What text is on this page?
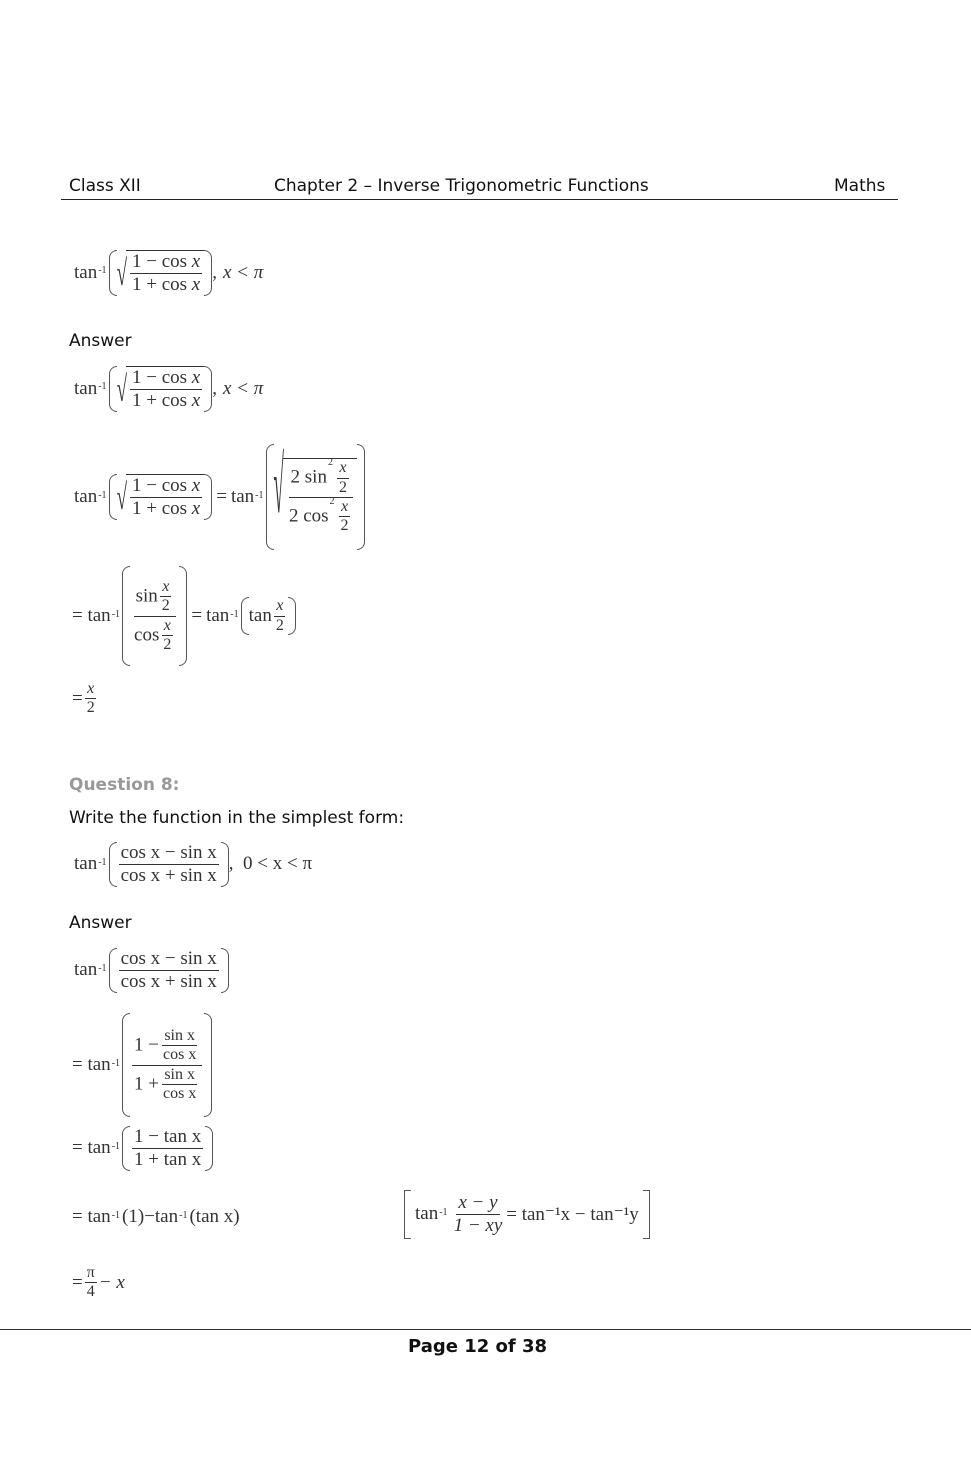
Class XII	Chapter 2 – Inverse Trigonometric Functions	Maths
$\tan^{-1}$ √ $\frac{\text{1 − cos x}}{\text{1 + cos x}}$ , x < π
Answer
$\tan^{-1}$ √ $\frac{\text{1 − cos x}}{\text{1 + cos x}}$ , x < π
$\tan^{-1}$ √ $\frac{\text{1 − cos x}}{\text{1 + cos x}} = \tan^{-1}$ √ $\frac{2 \sin^2 \frac{x}{2}}{2 \cos^2 \frac{x}{2}}$
=
$\tan^{-1} \frac{\sin \frac{x}{2}}{\cos \frac{x}{2}} = \tan^{-1} \tan \frac{x}{2}$
= $\frac{x}{2}$
Question 8:
Write the function in the simplest form:
$\tan^{-1} \frac{\text{cos x − sin x}}{\text{cos x + sin x}}$ , 0 < x < π
Answer
$\tan^{-1} \frac{\text{cos x − sin x}}{\text{cos x + sin x}}$
=
$\tan^{-1} \frac{1 - \frac{\text{sin x}}{\text{cos x}}}{1 + \frac{\text{sin x}}{\text{cos x}}}$
=
$\tan^{-1} \frac{\text{1 − tan x}}{\text{1 + tan x}}$
=
$\tan^{-1}$ ( 1 ) − $\tan^{-1}$ ( tan x )	$\tan^{-1} \frac{x - y}{1 - xy} = \tan^{-1}x - \tan^{-1}y$
= $\frac{\pi}{4} - x$
Page 12 of 38
